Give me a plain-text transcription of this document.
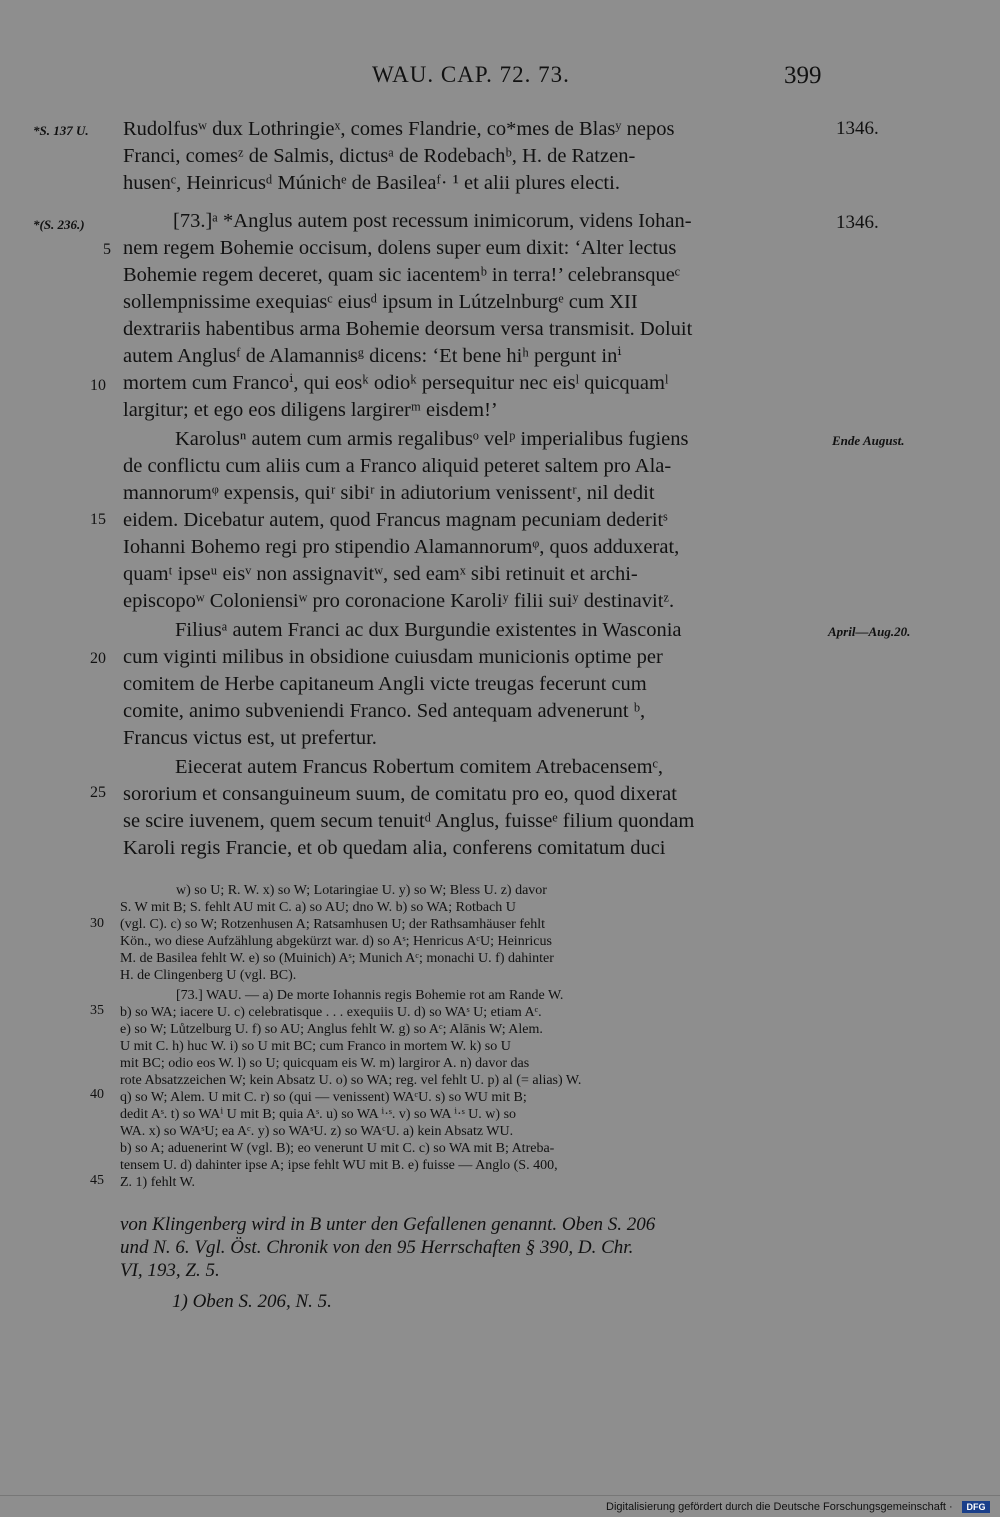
WAU. CAP. 72. 73.	399
*S. 137 U.
*(S. 236.)
1346.
1346.
Ende August.
April—Aug.20.
5
10
15
20
25
Rudolfusʷ dux Lothringieˣ, comes Flandrie, co*mes de Blasʸ nepos
Franci, comesᶻ de Salmis, dictusᵃ de Rodebachᵇ, H. de Ratzen-
husenᶜ, Heinricusᵈ Múnichᵉ de Basileaᶠ· ¹ et alii plures electi.
[73.]ᵃ *Anglus autem post recessum inimicorum, videns Iohan-
nem regem Bohemie occisum, dolens super eum dixit: ‘Alter lectus
Bohemie regem deceret, quam sic iacentemᵇ in terra!’ celebransqueᶜ
sollempnissime exequiasᶜ eiusᵈ ipsum in Lútzelnburgᵉ cum XII
dextrariis habentibus arma Bohemie deorsum versa transmisit. Doluit
autem Anglusᶠ de Alamannisᵍ dicens: ‘Et bene hiʰ pergunt inⁱ
mortem cum Francoⁱ, qui eosᵏ odioᵏ persequitur nec eisˡ quicquamˡ
largitur; et ego eos diligens largirerᵐ eisdem!’
Karolusⁿ autem cum armis regalibusᵒ velᵖ imperialibus fugiens
de conflictu cum aliis cum a Franco aliquid peteret saltem pro Ala-
mannorumᵠ expensis, quiʳ sibiʳ in adiutorium venissentʳ, nil dedit
eidem. Dicebatur autem, quod Francus magnam pecuniam dederitˢ
Iohanni Bohemo regi pro stipendio Alamannorumᵠ, quos adduxerat,
quamᵗ ipseᵘ eisᵛ non assignavitʷ, sed eamˣ sibi retinuit et archi-
episcopoʷ Coloniensiʷ pro coronacione Karoliʸ filii suiʸ destinavitᶻ.
Filiusᵃ autem Franci ac dux Burgundie existentes in Wasconia
cum viginti milibus in obsidione cuiusdam municionis optime per
comitem de Herbe capitaneum Angli victe treugas fecerunt cum
comite, animo subveniendi Franco. Sed antequam advenerunt ᵇ,
Francus victus est, ut prefertur.
Eiecerat autem Francus Robertum comitem Atrebacensemᶜ,
sororium et consanguineum suum, de comitatu pro eo, quod dixerat
se scire iuvenem, quem secum tenuitᵈ Anglus, fuisseᵉ filium quondam
Karoli regis Francie, et ob quedam alia, conferens comitatum duci
30
35
40
45
w) so U; R. W. x) so W; Lotaringiae U. y) so W; Bless U. z) davor
S. W mit B; S. fehlt AU mit C. a) so AU; dno W. b) so WA; Rotbach U
(vgl. C). c) so W; Rotzenhusen A; Ratsamhusen U; der Rathsamhäuser fehlt
Kön., wo diese Aufzählung abgekürzt war. d) so Aˢ; Henricus AᶜU; Heinricus
M. de Basilea fehlt W. e) so (Muinich) Aˢ; Munich Aᶜ; monachi U. f) dahinter
H. de Clingenberg U (vgl. BC).
[73.] WAU. — a) De morte Iohannis regis Bohemie rot am Rande W.
b) so WA; iacere U. c) celebratisque . . . exequiis U. d) so WAˢ U; etiam Aᶜ.
e) so W; Lůtzelburg U. f) so AU; Anglus fehlt W. g) so Aᶜ; Alānis W; Alem.
U mit C. h) huc W. i) so U mit BC; cum Franco in mortem W. k) so U
mit BC; odio eos W. l) so U; quicquam eis W. m) largiror A. n) davor das
rote Absatzzeichen W; kein Absatz U. o) so WA; reg. vel fehlt U. p) al (= alias) W.
q) so W; Alem. U mit C. r) so (qui — venissent) WAᶜU. s) so WU mit B;
dedit Aˢ. t) so WAⁱ U mit B; quia Aˢ. u) so WA ⁱ·ˢ. v) so WA ⁱ·ˢ U. w) so
WA. x) so WAˢU; ea Aᶜ. y) so WAˢU. z) so WAᶜU. a) kein Absatz WU.
b) so A; aduenerint W (vgl. B); eo venerunt U mit C. c) so WA mit B; Atreba-
tensem U. d) dahinter ipse A; ipse fehlt WU mit B. e) fuisse — Anglo (S. 400,
Z. 1) fehlt W.
von Klingenberg wird in B unter den Gefallenen genannt. Oben S. 206
und N. 6. Vgl. Öst. Chronik von den 95 Herrschaften § 390, D. Chr.
VI, 193, Z. 5.
1) Oben S. 206, N. 5.
Digitalisierung gefördert durch die Deutsche Forschungsgemeinschaft ·	DFG
